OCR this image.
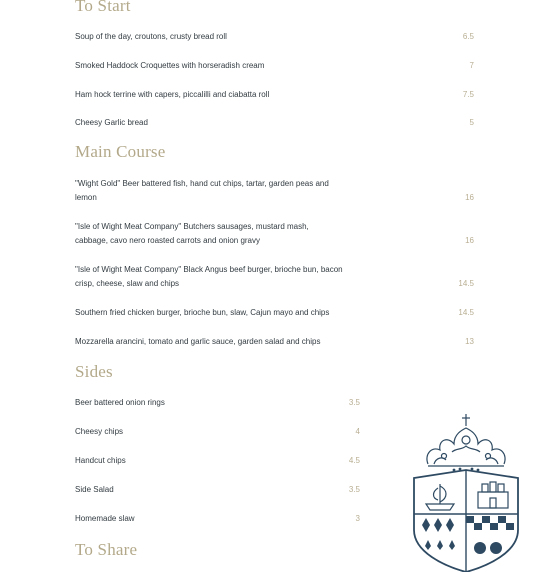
To Start
Soup of the day, croutons, crusty bread roll	6.5
Smoked Haddock Croquettes with horseradish cream	7
Ham hock terrine with capers, piccalilli and ciabatta roll	7.5
Cheesy Garlic bread	5
Main Course
"Wight Gold" Beer battered fish, hand cut chips, tartar, garden peas and
lemon	16
"Isle of Wight Meat Company" Butchers sausages, mustard mash,
cabbage, cavo nero roasted carrots and onion gravy	16
"Isle of Wight Meat Company" Black Angus beef burger, brioche bun, bacon
crisp, cheese, slaw and chips	14.5
Southern fried chicken burger, brioche bun, slaw, Cajun mayo and chips	14.5
Mozzarella arancini, tomato and garlic sauce, garden salad and chips	13
Sides
Beer battered onion rings	3.5
Cheesy chips	4
Handcut chips	4.5
Side Salad	3.5
Homemade slaw	3
To Share
